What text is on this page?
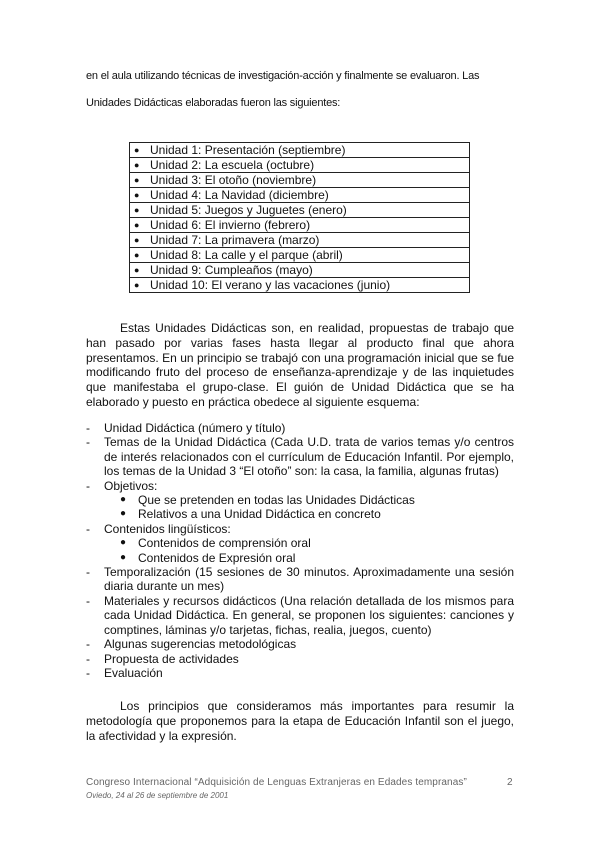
en el aula utilizando técnicas de investigación-acción y finalmente se evaluaron. Las
Unidades Didácticas elaboradas fueron las siguientes:
● Unidad 1: Presentación (septiembre)
● Unidad 2: La escuela (octubre)
● Unidad 3: El otoño (noviembre)
● Unidad 4: La Navidad (diciembre)
● Unidad 5: Juegos y Juguetes (enero)
● Unidad 6: El invierno (febrero)
● Unidad 7: La primavera (marzo)
● Unidad 8: La calle y el parque (abril)
● Unidad 9: Cumpleaños (mayo)
● Unidad 10: El verano y las vacaciones (junio)
Estas Unidades Didácticas son, en realidad, propuestas de trabajo que han pasado por varias fases hasta llegar al producto final que ahora presentamos. En un principio se trabajó con una programación inicial que se fue modificando fruto del proceso de enseñanza-aprendizaje y de las inquietudes que manifestaba el grupo-clase. El guión de Unidad Didáctica que se ha elaborado y puesto en práctica obedece al siguiente esquema:
- Unidad Didáctica (número y título)
- Temas de la Unidad Didáctica (Cada U.D. trata de varios temas y/o centros de interés relacionados con el currículum de Educación Infantil. Por ejemplo, los temas de la Unidad 3 “El otoño” son: la casa, la familia, algunas frutas)
- Objetivos:
● Que se pretenden en todas las Unidades Didácticas
● Relativos a una Unidad Didáctica en concreto
- Contenidos lingüísticos:
● Contenidos de comprensión oral
● Contenidos de Expresión oral
- Temporalización (15 sesiones de 30 minutos. Aproximadamente una sesión diaria durante un mes)
- Materiales y recursos didácticos (Una relación detallada de los mismos para cada Unidad Didáctica. En general, se proponen los siguientes: canciones y comptines, láminas y/o tarjetas, fichas, realia, juegos, cuento)
- Algunas sugerencias metodológicas
- Propuesta de actividades
- Evaluación
Los principios que consideramos más importantes para resumir la metodología que proponemos para la etapa de Educación Infantil son el juego, la afectividad y la expresión.
Congreso Internacional “Adquisición de Lenguas Extranjeras en Edades tempranas”	2
Oviedo, 24 al 26 de septiembre de 2001
